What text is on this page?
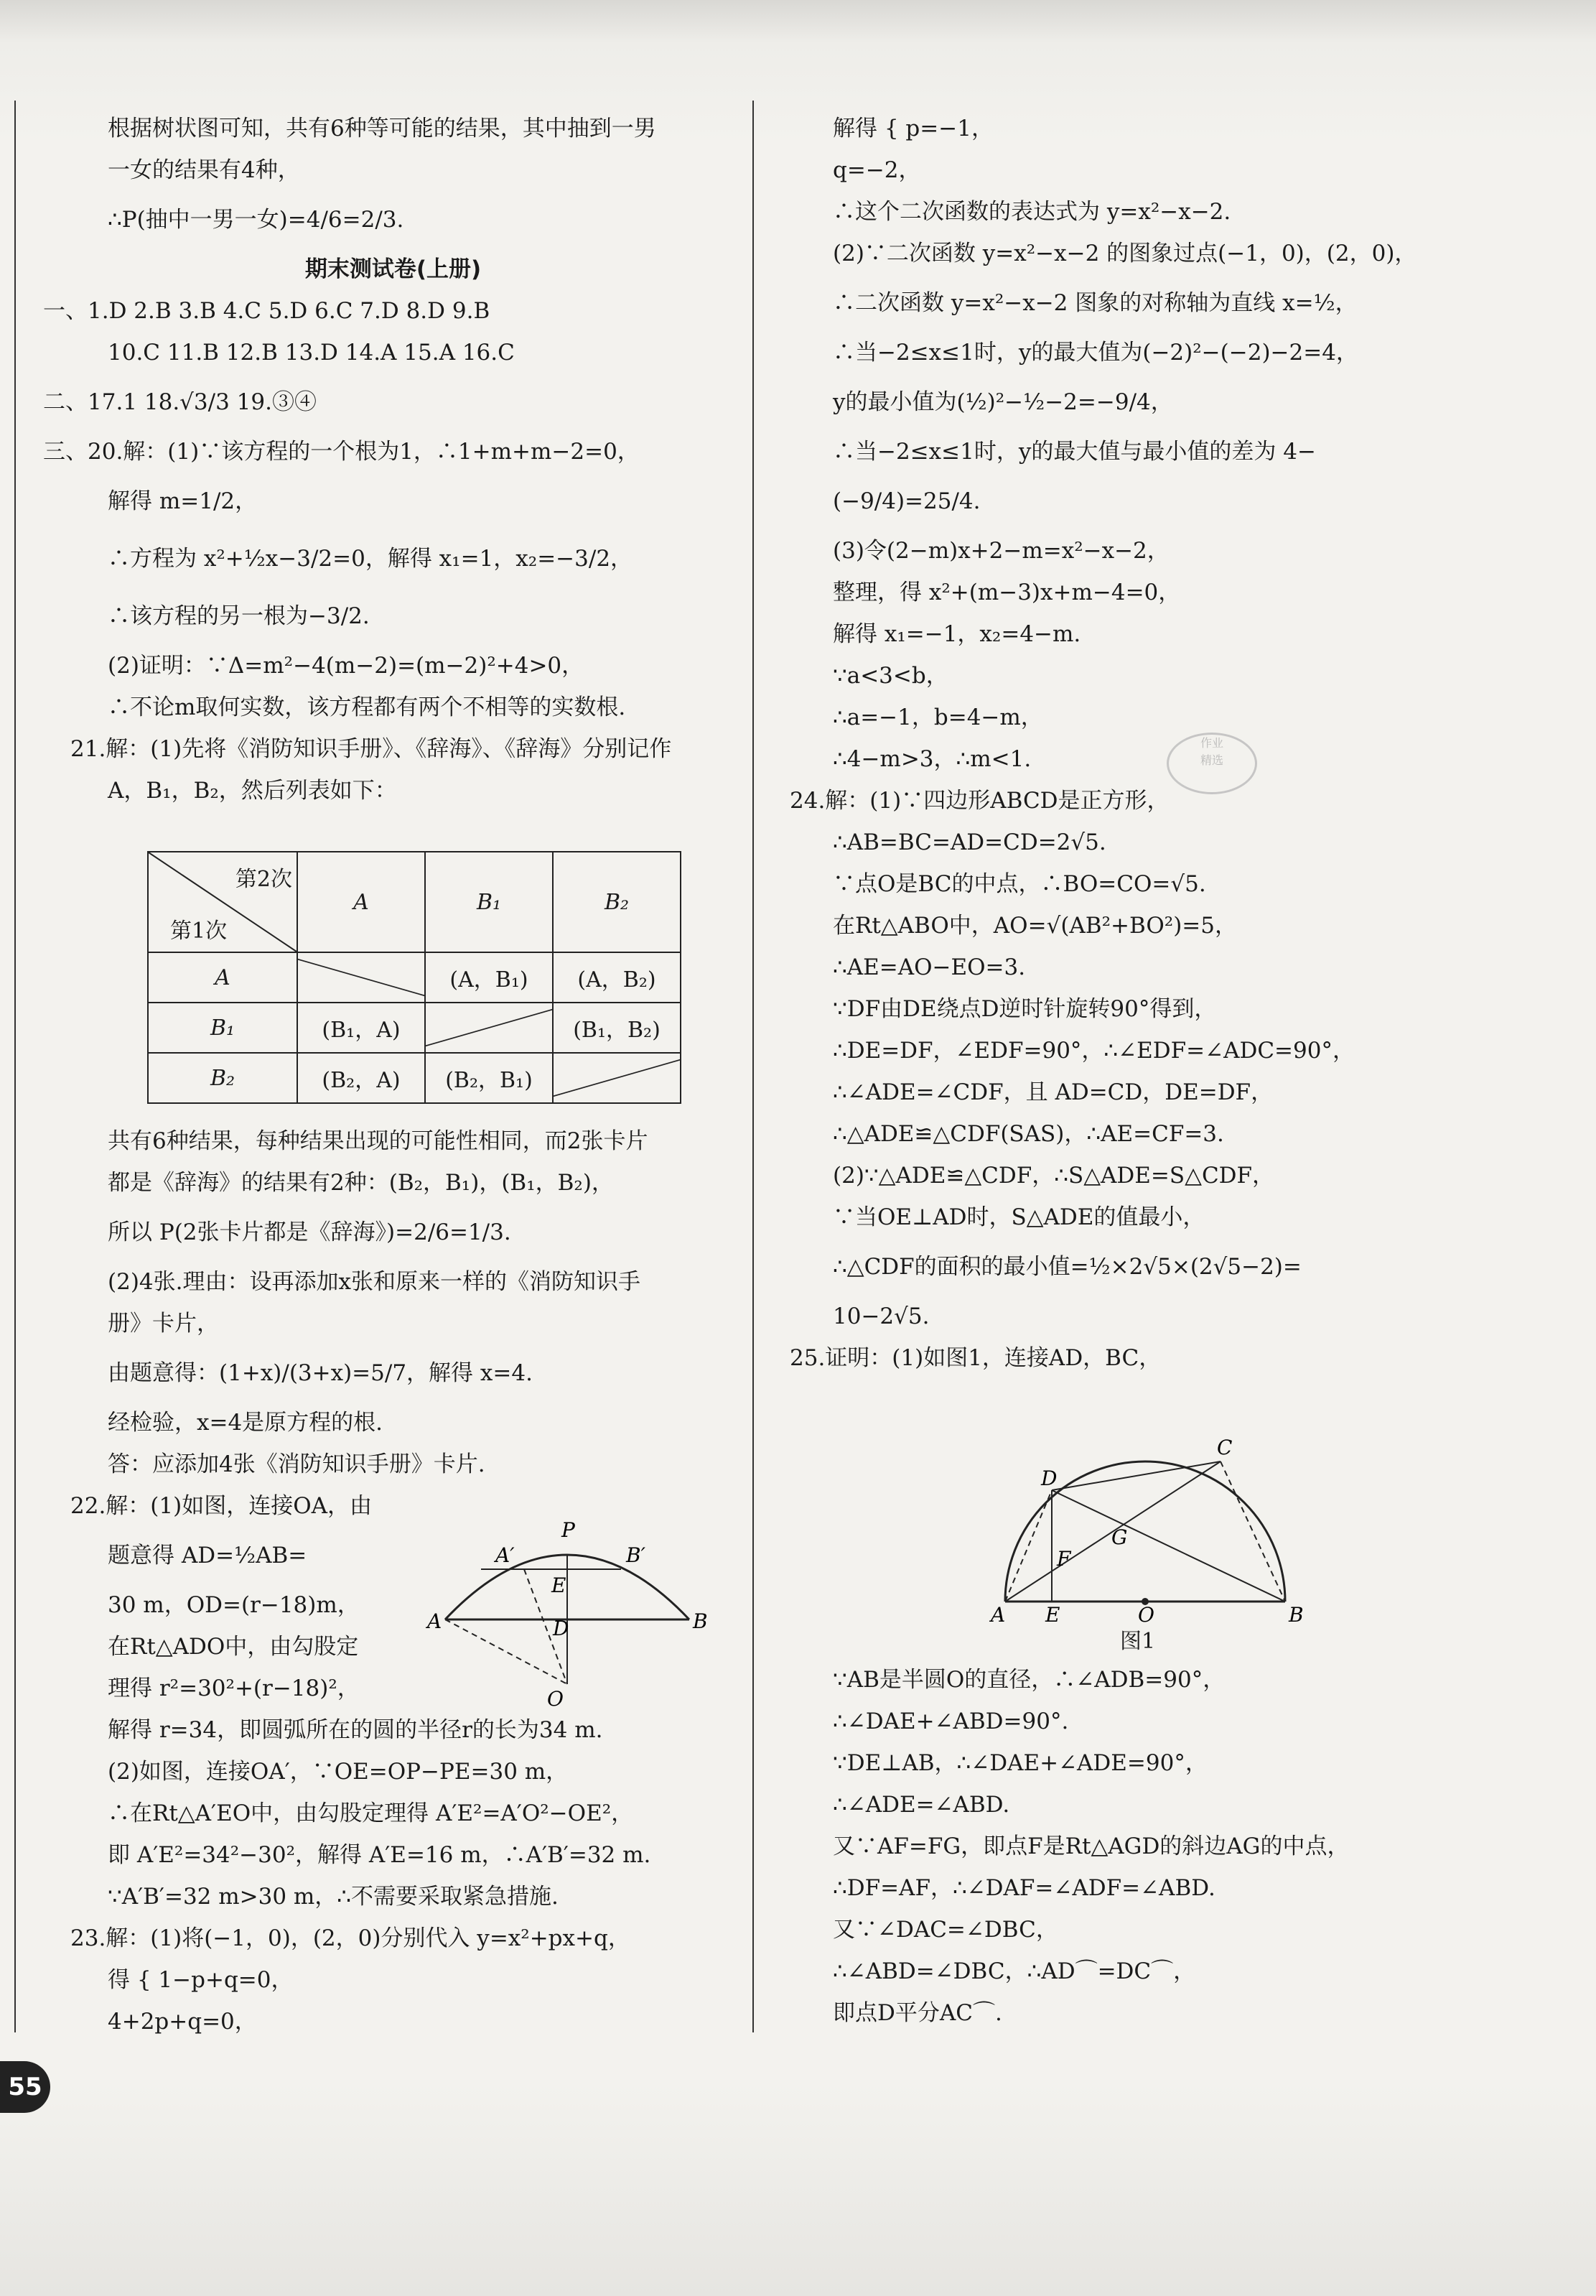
根据树状图可知，共有6种等可能的结果，其中抽到一男
一女的结果有4种，
∴P(抽中一男一女)=4/6=2/3.
期末测试卷(上册)
一、1.D 2.B 3.B 4.C 5.D 6.C 7.D 8.D 9.B
10.C 11.B 12.B 13.D 14.A 15.A 16.C
二、17.1 18.√3/3 19.③④
三、20.解：(1)∵该方程的一个根为1，∴1+m+m−2=0，
解得 m=1/2，
∴方程为 x²+½x−3/2=0，解得 x₁=1，x₂=−3/2，
∴该方程的另一根为−3/2.
(2)证明：∵Δ=m²−4(m−2)=(m−2)²+4>0，
∴不论m取何实数，该方程都有两个不相等的实数根.
21.解：(1)先将《消防知识手册》、《辞海》、《辞海》分别记作
A，B₁，B₂，然后列表如下：
第2次
第1次	A	B₁	B₂

A		(A，B₁)	(A，B₂)
B₁	(B₁，A)		(B₁，B₂)
B₂	(B₂，A)	(B₂，B₁)	
共有6种结果，每种结果出现的可能性相同，而2张卡片
都是《辞海》的结果有2种：(B₂，B₁)，(B₁，B₂)，
所以 P(2张卡片都是《辞海》)=2/6=1/3.
(2)4张.理由：设再添加x张和原来一样的《消防知识手
册》卡片，
由题意得：(1+x)/(3+x)=5/7，解得 x=4.
经检验，x=4是原方程的根.
答：应添加4张《消防知识手册》卡片.
22.解：(1)如图，连接OA，由
题意得 AD=½AB=
30 m，OD=(r−18)m，
在Rt△ADO中，由勾股定
理得 r²=30²+(r−18)²，
解得 r=34，即圆弧所在的圆的半径r的长为34 m.
(2)如图，连接OA′，∵OE=OP−PE=30 m，
∴在Rt△A′EO中，由勾股定理得 A′E²=A′O²−OE²，
即 A′E²=34²−30²，解得 A′E=16 m，∴A′B′=32 m.
∵A′B′=32 m>30 m，∴不需要采取紧急措施.
23.解：(1)将(−1，0)，(2，0)分别代入 y=x²+px+q，
得 { 1−p+q=0，
4+2p+q=0，
A′
P
B′
E
A	D	B
O
解得 { p=−1，
q=−2，
∴这个二次函数的表达式为 y=x²−x−2.
(2)∵二次函数 y=x²−x−2 的图象过点(−1，0)，(2，0)，
∴二次函数 y=x²−x−2 图象的对称轴为直线 x=½，
∴当−2≤x≤1时，y的最大值为(−2)²−(−2)−2=4，
y的最小值为(½)²−½−2=−9/4，
∴当−2≤x≤1时，y的最大值与最小值的差为 4−
(−9/4)=25/4.
(3)令(2−m)x+2−m=x²−x−2，
整理，得 x²+(m−3)x+m−4=0，
解得 x₁=−1，x₂=4−m.
∵a<3<b，
∴a=−1，b=4−m，
∴4−m>3，∴m<1.
24.解：(1)∵四边形ABCD是正方形，
∴AB=BC=AD=CD=2√5.
∵点O是BC的中点，∴BO=CO=√5.
在Rt△ABO中，AO=√(AB²+BO²)=5，
∴AE=AO−EO=3.
∵DF由DE绕点D逆时针旋转90°得到，
∴DE=DF，∠EDF=90°，∴∠EDF=∠ADC=90°，
∴∠ADE=∠CDF，且 AD=CD，DE=DF，
∴△ADE≌△CDF(SAS)，∴AE=CF=3.
(2)∵△ADE≌△CDF，∴S△ADE=S△CDF，
∵当OE⊥AD时，S△ADE的值最小，
∴△CDF的面积的最小值=½×2√5×(2√5−2)=
10−2√5.
25.证明：(1)如图1，连接AD，BC，
D
C
G
F
A E	O	B
图1
∵AB是半圆O的直径，∴∠ADB=90°，
∴∠DAE+∠ABD=90°.
∵DE⊥AB，∴∠DAE+∠ADE=90°，
∴∠ADE=∠ABD.
又∵AF=FG，即点F是Rt△AGD的斜边AG的中点，
∴DF=AF，∴∠DAF=∠ADF=∠ABD.
又∵∠DAC=∠DBC，
∴∠ABD=∠DBC，∴AD⌒=DC⌒，
即点D平分AC⌒.
作业
精选
55
